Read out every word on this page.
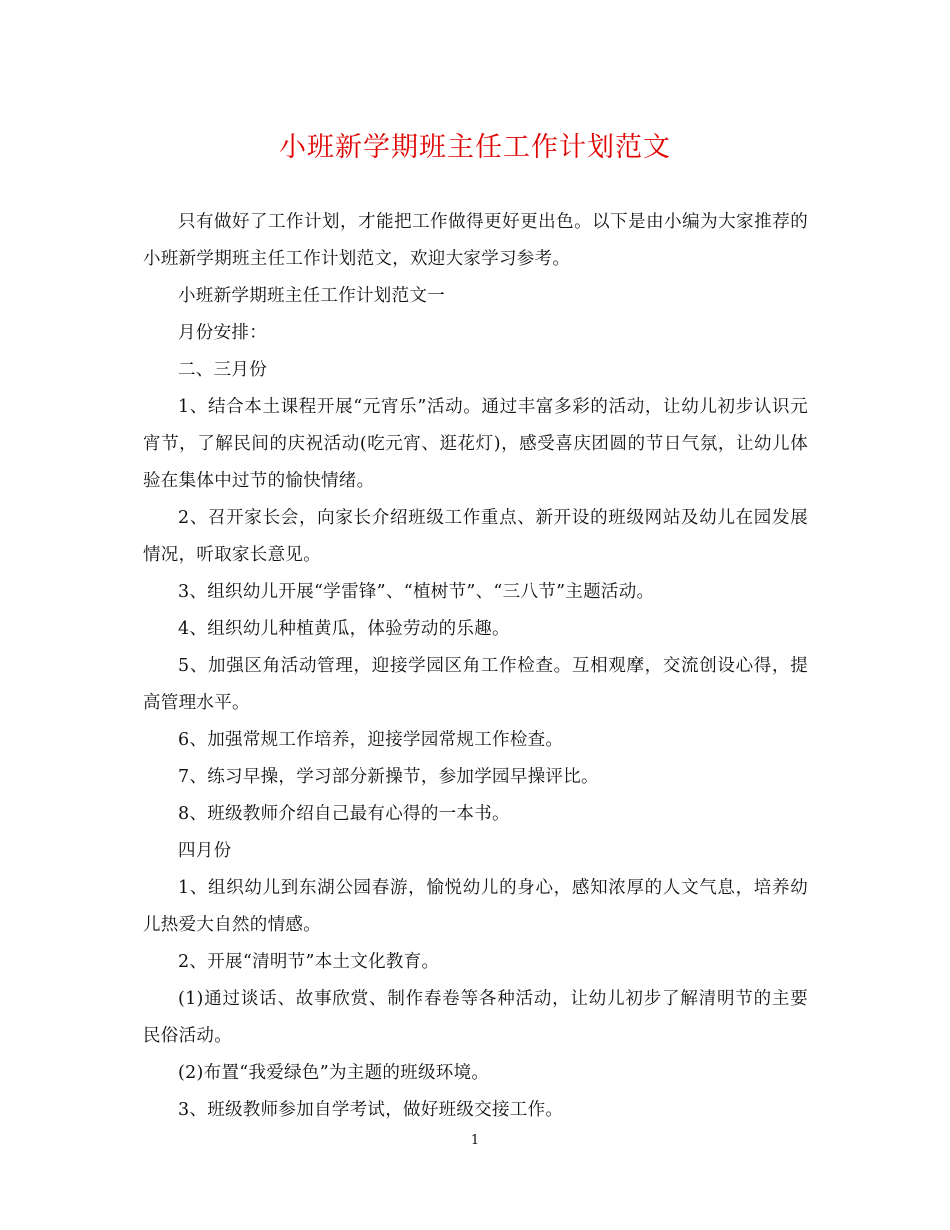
小班新学期班主任工作计划范文

只有做好了工作计划，才能把工作做得更好更出色。以下是由小编为大家推荐的小班新学期班主任工作计划范文，欢迎大家学习参考。

小班新学期班主任工作计划范文一

月份安排：

二、三月份

1、结合本土课程开展“元宵乐”活动。通过丰富多彩的活动，让幼儿初步认识元宵节，了解民间的庆祝活动(吃元宵、逛花灯)，感受喜庆团圆的节日气氛，让幼儿体验在集体中过节的愉快情绪。

2、召开家长会，向家长介绍班级工作重点、新开设的班级网站及幼儿在园发展情况，听取家长意见。

3、组织幼儿开展“学雷锋”、“植树节”、“三八节”主题活动。

4、组织幼儿种植黄瓜，体验劳动的乐趣。

5、加强区角活动管理，迎接学园区角工作检查。互相观摩，交流创设心得，提高管理水平。

6、加强常规工作培养，迎接学园常规工作检查。

7、练习早操，学习部分新操节，参加学园早操评比。

8、班级教师介绍自己最有心得的一本书。

四月份

1、组织幼儿到东湖公园春游，愉悦幼儿的身心，感知浓厚的人文气息，培养幼儿热爱大自然的情感。

2、开展“清明节”本土文化教育。

(1)通过谈话、故事欣赏、制作春卷等各种活动，让幼儿初步了解清明节的主要民俗活动。

(2)布置“我爱绿色”为主题的班级环境。

3、班级教师参加自学考试，做好班级交接工作。

1
